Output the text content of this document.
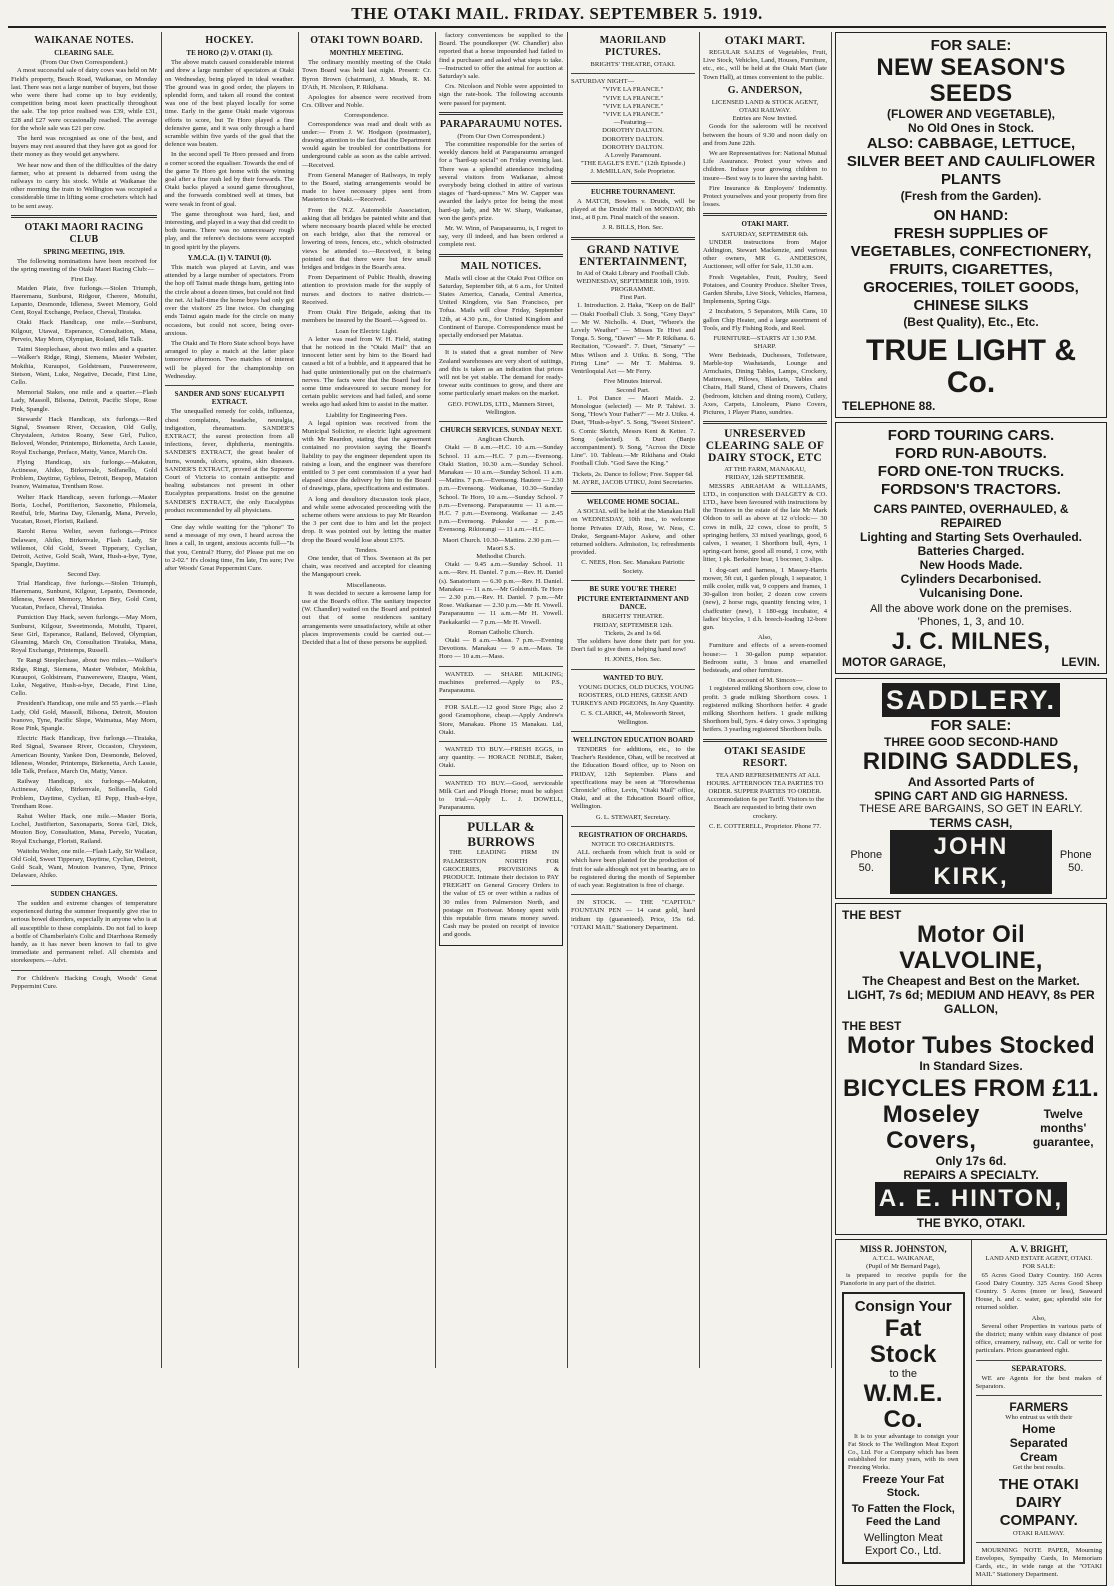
THE OTAKI MAIL. FRIDAY. SEPTEMBER 5. 1919.
WAIKANAE NOTES.
CLEARING SALE.
(From Our Own Correspondent.)

A most successful sale of dairy cows was held on Mr Field's property, Beach Road, Waikanae, on Monday last. There was not a large number of buyers, but those who were there had come up to buy evidently, competition being most keen practically throughout the sale. The top price realised was £39, while £31, £28 and £27 were occasionally reached. The average for the whole sale was £21 per cow.

The herd was recognised as one of the best, and buyers may rest assured that they have got as good for their money as they would get anywhere.

We hear now and then of the difficulties of the dairy farmer, who at present is debarred from using the railways to carry his stock. While at Waikanae the other morning the train to Wellington was occupied a considerable time in lifting some crocheters which had to be sent away.

OTAKI MAORI RACING CLUB
SPRING MEETING, 1919.

The following nominations have been received for the spring meeting of the Otaki Maori Racing Club:—

First Day.

Maiden Plate, five furlongs.—Stolen Triumph, Haeremanu, Sunburst, Ridgour, Cherere, Motuihi, Lepanto, Desmonde, Idleness, Sweet Memory, Gold Cent, Royal Exchange, Preface, Cheval, Tiraiaka.

Otaki Hack Handicap, one mile.—Sunburst, Kilgour, Utawai, Esperance, Consultation, Mana, Perveio, May Morn, Olympian, Roland, Idle Talk.

Taimi Steeplechase, about two miles and a quarter.—Walker's Ridge, Ringi, Siemens, Master Webster, Mokihia, Kuraupoi, Goldstream, Fuuwerewere, Stetson, Want, Luke, Negative, Decade, First Line, Cello.

Memorial Stakes, one mile and a quarter.—Flash Lady, Massoll, Bilsona, Detroit, Pacific Slope, Rose Pink, Spangle.

Stewards' Hack Handicap, six furlongs.—Red Signal, Swansee River, Occasion, Old Gully, Chrystaleen, Aristos Roany, Sese Girl, Fulico, Beloved, Wonder, Printempo, Birkenetta, Arch Lassie, Royal Exchange, Preface, Matty, Vance, March On.

Flying Handicap, six furlongs.—Makaton, Actinesse, Ahiko, Birkenvale, Solfanello, Gold Problem, Daytime, Gybless, Detroit, Bespop, Mataton Ivanov, Waimatua, Trentham Rose.

Welter Hack Handicap, seven furlongs.—Master Boris, Lochel, Portifierton, Saxonetto, Philomela, Restful, Irfe, Marina Day, Glenanlg, Mana, Pervelo, Yucatan, Roset, Floristi, Railand.

Rarohi Rerea Welter, seven furlongs.—Prince Delaware, Ahiko, Birkenvale, Flash Lady, Sir Willemot, Old Gold, Sweet Tipperary, Cyclian, Detroit, Active, Gold Scalt, Want, Hush-a-bye, Tyne, Spangle, Daytime.

Second Day.

Trial Handicap, five furlongs.—Stolen Triumph, Haeremanu, Sunburst, Kilgour, Lepanto, Desmonde, Idleness, Sweet Memory, Morton Bey, Gold Cent, Yucatan, Preface, Cheval, Tiraiaka.

Pumiction Day Hack, seven furlongs.—May Morn, Sunburst, Kilgour, Sweetmonda, Motuihi, Tiparei, Sese Girl, Esperance, Railand, Beloved, Olympian, Gleaming, March On, Consultation Tiraiaka, Mana, Royal Exchange, Printemps, Russell.

Te Rangi Steeplechase, about two miles.—Walker's Ridge, Ringi, Siemens, Master Webster, Mokihia, Kuraupoi, Goldstream, Fuuwerewere, Etaupu, Want, Luke, Negative, Hush-a-bye, Decade, First Line, Cello.

President's Handicap, one mile and 55 yards.—Flash Lady, Old Gold, Massoll, Bilsona, Detroit, Mouton Ivanovo, Tyne, Pacific Slope, Waimatua, May Morn, Rose Pink, Spangle.

Electric Hack Handicap, five furlongs.—Tiraiaka, Red Signal, Swansee River, Occasion, Chrysteen, American Bounty, Yankee Don, Desmonde, Beloved, Idleness, Wonder, Printemps, Birkenetta, Arch Lassie, Idle Talk, Preface, March On, Matty, Vance.

Railway Handicap, six furlongs.—Makaton, Actinesse, Ahiko, Birkenvale, Solfanella, Gold Problem, Daytime, Cyclian, El Pepp, Hush-a-bye, Trentham Rose.

Rahui Welter Hack, one mile.—Master Boris, Lochel, Justifierton, Saxonaparts, Sorea Girl, Dick, Mouton Boy, Consultation, Mana, Pervelo, Yucatan, Royal Exchange, Floristi, Railand.

Waitohu Welter, one mile.—Flash Lady, Sir Wallace, Old Gold, Sweet Tipperary, Daytime, Cyclian, Detroit, Gold Scalt, Want, Mouton Ivanovo, Tyne, Prince Delaware, Ahiko.

SUDDEN CHANGES.

The sudden and extreme changes of temperature experienced during the summer frequently give rise to serious bowel disorders, especially in anyone who is at all susceptible to these complaints. Do not fail to keep a bottle of Chamberlain's Colic and Diarrhoea Remedy handy, as it has never been known to fail to give immediate and permanent relief. All chemists and storekeepers.—Advt.

For Children's Hacking Cough, Woods' Great Peppermint Cure.

HOCKEY.
TE HORO (2) V. OTAKI (1).

The above match caused considerable interest and drew a large number of spectators at Otaki on Wednesday, being played in ideal weather. The ground was in good order, the players in splendid form, and taken all round the contest was one of the best played locally for some time. Early in the game Otaki made vigorous efforts to score, but Te Horo played a fine defensive game, and it was only through a hard scramble within five yards of the goal that the defence was beaten.

In the second spell Te Horo pressed and from a corner scored the equaliser. Towards the end of the game Te Horo got home with the winning goal after a fine rush led by their forwards. The Otaki backs played a sound game throughout, and the forwards combined well at times, but were weak in front of goal.

The game throughout was hard, fast, and interesting, and played in a way that did credit to both teams. There was no unnecessary rough play, and the referee's decisions were accepted in good spirit by the players.

Y.M.C.A. (1) V. TAINUI (0).

This match was played at Levin, and was attended by a large number of spectators. From the hop off Tainui made things hum, getting into the circle about a dozen times, but could not find the net. At half-time the home boys had only got over the visitors' 25 line twice. On changing ends Tainui again made for the circle on many occasions, but could not score, being over-anxious.

The Otaki and Te Horo State school boys have arranged to play a match at the latter place tomorrow afternoon. Two matches of interest will be played for the championship on Wednesday.

SANDER AND SONS' EUCALYPTI EXTRACT.

The unequalled remedy for colds, influenza, chest complaints, headache, neuralgia, indigestion, rheumatism. SANDER'S EXTRACT, the surest protection from all infections, fever, diphtheria, meningitis. SANDER'S EXTRACT, the great healer of burns, wounds, ulcers, sprains, skin diseases. SANDER'S EXTRACT, proved at the Supreme Court of Victoria to contain antiseptic and healing substances not present in other Eucalyptus preparations. Insist on the genuine SANDER'S EXTRACT, the only Eucalyptus product recommended by all physicians.

One day while waiting for the "phone" To send a message of my own, I heard across the lines a call, In urgent, anxious accents full—"Is that you, Central? Hurry, do! Please put me on to 2-02." It's closing time, I'm late, I'm sure; I've after Woods' Great Peppermint Cure.

OTAKI TOWN BOARD.
MONTHLY MEETING.

The ordinary monthly meeting of the Otaki Town Board was held last night. Present: Cr. Byron Brown (chairman), J. Meads, R. M. D'Ath, H. Nicolson, P. Rikihana.

Apologies for absence were received from Crs. Olliver and Noble.

Correspondence.

Correspondence was read and dealt with as under:— From J. W. Hodgson (postmaster), drawing attention to the fact that the Department would again be troubled for contributions for underground cable as soon as the cable arrived.—Received.

From General Manager of Railways, in reply to the Board, stating arrangements would be made to have necessary pipes sent from Masterton to Otaki.—Received.

From the N.Z. Automobile Association, asking that all bridges be painted white and that where necessary boards placed while be erected on each bridge, also that the removal or lowering of trees, fences, etc., which obstructed views be attended to.—Received, it being pointed out that there were but few small bridges and bridges in the Board's area.

From Department of Public Health, drawing attention to provision made for the supply of nurses and doctors to native districts.—Received.

From Otaki Fire Brigade, asking that its members be insured by the Board.—Agreed to.

Loan for Electric Light.

A letter was read from W. H. Field, stating that he noticed in the "Otaki Mail" that an innocent letter sent by him to the Board had caused a bit of a bubble, and it appeared that he had quite unintentionally put on the chairman's nerves. The facts were that the Board had for some time endeavoured to secure money for certain public services and had failed, and some weeks ago had asked him to assist in the matter.

Liability for Engineering Fees.

A legal opinion was received from the Municipal Solicitor, re electric light agreement with Mr Reardon, stating that the agreement contained no provision saying the Board's liability to pay the engineer dependent upon its raising a loan, and the engineer was therefore entitled to 3 per cent commission if a year had elapsed since the delivery by him to the Board of drawings, plans, specifications and estimates.

A long and desultory discussion took place, and while some advocated proceeding with the scheme others were anxious to pay Mr Reardon the 3 per cent due to him and let the project drop. It was pointed out by letting the matter drop the Board would lose about £375.

Tenders.

One tender, that of Thos. Swenson at 8s per chain, was received and accepted for cleaning the Mangapouri creek.

Miscellaneous.

It was decided to secure a kerosene lamp for use at the Board's office. The sanitary inspector (W. Chandler) waited on the Board and pointed out that of some residences sanitary arrangements were unsatisfactory, while at other places improvements could be carried out.—Decided that a list of these persons be supplied.

factory conveniences be supplied to the Board. The poundkeeper (W. Chandler) also reported that a horse impounded had failed to find a purchaser and asked what steps to take.—Instructed to offer the animal for auction at Saturday's sale.

Crs. Nicolson and Noble were appointed to sign the rate-book. The following accounts were passed for payment.

PARAPARAUMU NOTES.
(From Our Own Correspondent.)

The committee responsible for the series of weekly dances held at Paraparaumu arranged for a "hard-up social" on Friday evening last. There was a splendid attendance including several visitors from Waikanae, almost everybody being clothed in attire of various stages of "hard-upness." Mrs W. Capper was awarded the lady's prize for being the most hard-up lady, and Mr W. Sharp, Waikanae, won the gent's prize.

Mr. W. Winn, of Paraparaumu, is, I regret to say, very ill indeed, and has been ordered a complete rest.

MAIL NOTICES.

Mails will close at the Otaki Post Office on Saturday, September 6th, at 6 a.m., for United States America, Canada, Central America, United Kingdom, via San Francisco, per Tofua. Mails will close Friday, September 12th, at 4.30 p.m., for United Kingdom and Continent of Europe. Correspondence must be specially endorsed per Matatua.

It is stated that a great number of New Zealand warehouses are very short of suitings, and this is taken as an indication that prices will not be yet stable. The demand for ready-towear suits continues to grow, and there are some particularly smart makes on the market.

GEO. FOWLDS, LTD., Manners Street, Wellington.
CHURCH SERVICES. SUNDAY NEXT.
Anglican Church.

Otaki — 8 a.m.—H.C. 10 a.m.—Sunday School. 11 a.m.—H.C. 7 p.m.—Evensong. Otaki Station, 10.30 a.m.—Sunday School. Manakau — 10 a.m.—Sunday School. 11 a.m.—Matins. 7 p.m.—Evensong. Hautere — 2.30 p.m.—Evensong. Waikanae, 10.30—Sunday School. Te Horo, 10 a.m.—Sunday School. 7 p.m.—Evensong. Paraparaumu — 11 a.m.—H.C. 7 p.m.—Evensong. Waikanae — 2.45 p.m.—Evensong. Pukeake — 2 p.m.—Evensong. Rikiorangi — 11 a.m.—H.C.

Maori Church. 10.30—Mattins. 2.30 p.m.—Maori S.S.
Methodist Church.

Otaki — 9.45 a.m.—Sunday School. 11 a.m.—Rev. H. Daniel. 7 p.m.—Rev. H. Daniel (s). Sanatorium — 6.30 p.m.—Rev. H. Daniel. Manakau — 11 a.m.—Mr Goldsmith. Te Horo — 2.30 p.m.—Rev. H. Daniel. 7 p.m.—Mr Rose. Waikanae — 2.30 p.m.—Mr H. Vowell. Paraparaumu — 11 a.m.—Mr H. Vowell. Paekakariki — 7 p.m.—Mr H. Vowell.

Roman Catholic Church.

Otaki — 8 a.m.—Mass. 7 p.m.—Evening Devotions. Manakau — 9 a.m.—Mass. Te Horo — 10 a.m.—Mass.

WANTED. — SHARE MILKING; machines preferred.—Apply to P.S., Paraparaumu.

FOR SALE.—12 good Store Pigs; also 2 good Gramophone, cheap.—Apply Andrew's Store, Manakau. Phone 15 Manakau. Ltd, Otaki.

WANTED TO BUY.—FRESH EGGS, in any quantity. — HORACE NOBLE, Baker, Otaki.

WANTED TO BUY.—Good, serviceable Milk Cart and Plough Horse; must be subject to trial.—Apply L. J. DOWELL, Paraparaumu.

PULLAR & BURROWS

THE LEADING FIRM IN PALMERSTON NORTH FOR GROCERIES, PROVISIONS & PRODUCE. Intimate their decision to PAY FREIGHT on General Grocery Orders to the value of £5 or over within a radius of 30 miles from Palmerston North, and postage on Footwear. Money spent with this reputable firm means money saved. Cash may be posted on receipt of invoice and goods.

MAORILAND PICTURES.
BRIGHTS' THEATRE, OTAKI.
SATURDAY NIGHT—
"VIVE LA FRANCE."
"VIVE LA FRANCE."
"VIVE LA FRANCE."
"VIVE LA FRANCE."
—Featuring—
DOROTHY DALTON.
DOROTHY DALTON.
DOROTHY DALTON.
A Lovely Paramount.
"THE EAGLE'S EYE." (12th Episode.)
J. McMILLAN, Sole Proprietor.
EUCHRE TOURNAMENT.

A MATCH, Bowlers v. Druids, will be played at the Druids' Hall on MONDAY, 8th inst., at 8 p.m. Final match of the season.

J. R. BILLS, Hon. Sec.
GRAND NATIVE ENTERTAINMENT,
In Aid of Otaki Library and Football Club.
WEDNESDAY, SEPTEMBER 10th, 1919.
PROGRAMME.
First Part.

1. Introduction. 2. Haka, "Keep on de Ball" — Otaki Football Club. 3. Song, "Grey Days" — Mr W. Nicholls. 4. Duet, "Where's the Lovely Weather" — Misses Te Hiwi and Tonga. 5. Song, "Dawn" — Mr P. Rikihana. 6. Recitation, "Coward". 7. Duet, "Smarty" — Miss Wilson and J. Utiku. 8. Song, "The Firing Line" — Mr T. Mahima. 9. Ventriloquial Act — Mr Ferry.

Five Minutes Interval.
Second Part.

1. Poi Dance — Maori Maids. 2. Monologue (selected) — Mr P. Tahiwi. 3. Song, "How's Your Father?" — Mr J. Utiku. 4. Duet, "Hush-a-bye". 5. Song, "Sweet Sixteen". 6. Comic Sketch, Messrs Kent & Ketter. 7. Song (selected). 8. Duet (Banjo accompaniment). 9. Song, "Across the Dixie Line". 10. Tableau.—Mr Rikihana and Otaki Football Club. "God Save the King."

Tickets, 2s. Dance to follow; Free. Supper 6d.
M. AYRE, JACOB UTIKU, Joint Secretaries.
WELCOME HOME SOCIAL.

A SOCIAL will be held at the Manakau Hall on WEDNESDAY, 10th inst., to welcome home Privates D'Ath, Rose, W. Ness, C. Drake, Sergeant-Major Askew, and other returned soldiers. Admission, 1s; refreshments provided.

C. NEES, Hon. Sec. Manakau Patriotic Society.
BE SURE YOU'RE THERE!
PICTURE ENTERTAINMENT AND DANCE.
BRIGHTS' THEATRE.
FRIDAY, SEPTEMBER 12th.
Tickets, 2s and 1s 6d.

The soldiers have done their part for you. Don't fail to give them a helping hand now!

H. JONES, Hon. Sec.
WANTED TO BUY.

YOUNG DUCKS, OLD DUCKS, YOUNG ROOSTERS, OLD HENS, GEESE AND TURKEYS AND PIGEONS, In Any Quantity.

C. S. CLARKE, 44, Molesworth Street, Wellington.
WELLINGTON EDUCATION BOARD

TENDERS for additions, etc., to the Teacher's Residence, Ohau, will be received at the Education Board office, up to Noon on FRIDAY, 12th September. Plans and specifications may be seen at "Horowhenua Chronicle" office, Levin, "Otaki Mail" office, Otaki, and at the Education Board office, Wellington.

G. L. STEWART, Secretary.
REGISTRATION OF ORCHARDS.
NOTICE TO ORCHARDISTS.

ALL orchards from which fruit is sold or which have been planted for the production of fruit for sale although not yet in bearing, are to be registered during the month of September of each year. Registration is free of charge.

IN STOCK. — THE "CAPITOL" FOUNTAIN PEN — 14 carat gold, hard iridium tip (guaranteed). Price, 15s 6d. "OTAKI MAIL" Stationery Department.

OTAKI MART.

REGULAR SALES of Vegetables, Fruit, Live Stock, Vehicles, Land, Houses, Furniture, etc., etc., will be held at the Otaki Mart (late Town Hall), at times convenient to the public.

G. ANDERSON,
LICENSED LAND & STOCK AGENT, OTAKI RAILWAY.
Entries are Now Invited.

Goods for the saleroom will be received between the hours of 9.30 and noon daily on and from June 22th.

We are Representatives for: National Mutual Life Assurance. Protect your wives and children. Induce your growing children to insure—Best way is to leave the saving habit.

Fire Insurance & Employers' Indemnity. Protect yourselves and your property from fire losses.

OTAKI MART.
SATURDAY, SEPTEMBER 6th.

UNDER instructions from Major Addington, Stewart Mackenzie, and various other owners, MR G. ANDERSON, Auctioneer, will offer for Sale, 11.30 a.m.

Fresh Vegetables, Fruit, Poultry, Seed Potatoes, and Country Produce. Shelter Trees, Garden Shrubs, Live Stock, Vehicles, Harness, Implements, Spring Gigs.

2 Incubators, 5 Separators, Milk Cans, 10 gallon Chip Heater, and a large assortment of Tools, and Fly Fishing Rods, and Reel.

FURNITURE—STARTS AT 1.30 P.M. SHARP.

Were Bedsteads, Duchesses, Toiletware, Marble-top Washstands, Lounge and Armchairs, Dining Tables, Lamps, Crockery, Mattresses, Pillows, Blankets, Tables and Chairs, Hall Stand, Chest of Drawers, Chairs (bedroom, kitchen and dining room), Cutlery, Axes, Carpets, Linoleum, Piano Covers, Pictures, 1 Player Piano, sundries.

UNRESERVED CLEARING SALE OF DAIRY STOCK, ETC
AT THE FARM, MANAKAU,
FRIDAY, 12th SEPTEMBER.

MESSRS ABRAHAM & WILLIAMS, LTD., in conjunction with DALGETY & CO. LTD., have been favoured with instructions by the Trustees in the estate of the late Mr Mark Oldson to sell as above at 12 o'clock:— 30 cows in milk, 22 cows, close to profit, 5 springing heifers, 33 mixed yearlings, good, 6 calves, 1 weaner, 1 Shorthorn bull, 4yrs, 1 spring-cart horse, good all round, 1 cow, with litter, 1 pk. Berkshire boar, 1 boconer, 3 slips.

1 dog-cart and harness, 1 Massey-Harris mower, 5ft cut, 1 garden plough, 1 separator, 1 milk cooler, milk vat, 9 coppers and frames, 1 30-gallon iron boiler, 2 dozen cow covers (new), 2 horse rugs, quantity fencing wire, 1 chaffcutter (new), 1 180-egg incubator, 4 ladies' bicycles, 1 d.h. breech-loading 12-bore gun.

Also,

Furniture and effects of a seven-roomed house:— 1 30-gallon pump separator. Bedroom suite, 3 brass and enamelled bedsteads, and other furniture.

On account of M. Simcox—

1 registered milking Shorthorn cow, close to profit. 3 grade milking Shorthorn cows. 1 registered milking Shorthorn heifer. 4 grade milking Shorthorn heifers. 1 grade milking Shorthorn bull, 5yrs. 4 dairy cows. 3 springing heifers. 3 yearling registered Shorthorn bulls.

OTAKI SEASIDE RESORT.

TEA AND REFRESHMENTS AT ALL HOURS. AFTERNOON TEA PARTIES TO ORDER. SUPPER PARTIES TO ORDER. Accommodation 6s per Tariff. Visitors to the Beach are requested to bring their own crockery.

C. E. COTTERELL, Proprietor. Phone 77.
FOR SALE:
NEW SEASON'S SEEDS
(FLOWER AND VEGETABLE),
No Old Ones in Stock.
ALSO: CABBAGE, LETTUCE, SILVER BEET AND CAULIFLOWER PLANTS
(Fresh from the Garden).
ON HAND:
FRESH SUPPLIES OF VEGETABLES, CONFECTIONERY, FRUITS, CIGARETTES, GROCERIES, TOILET GOODS, CHINESE SILKS
(Best Quality), Etc., Etc.
TRUE LIGHT & Co.
TELEPHONE 88.
FORD TOURING CARS.
FORD RUN-ABOUTS.
FORD ONE-TON TRUCKS.
FORDSON'S TRACTORS.
CARS PAINTED, OVERHAULED, & REPAIRED
Lighting and Starting Sets Overhauled.
Batteries Charged.
New Hoods Made.
Cylinders Decarbonised.
Vulcanising Done.
All the above work done on the premises.
'Phones, 1, 3, and 10.
J. C. MILNES,
MOTOR GARAGE,	LEVIN.
SADDLERY.
FOR SALE:
THREE GOOD SECOND-HAND
RIDING SADDLES,
And Assorted Parts of
SPING CART AND GIG HARNESS.
THESE ARE BARGAINS, SO GET IN EARLY.
TERMS CASH,
Phone 50.
JOHN KIRK,
Phone 50.
THE BEST
Motor Oil VALVOLINE,
The Cheapest and Best on the Market.
LIGHT, 7s 6d; MEDIUM AND HEAVY, 8s PER GALLON,
THE BEST
Motor Tubes Stocked
In Standard Sizes.
BICYCLES FROM £11.
Moseley Covers,
Twelve months' guarantee,
Only 17s 6d.
REPAIRS A SPECIALTY.
A. E. HINTON,
THE BYKO, OTAKI.
MISS R. JOHNSTON,
A.T.C.L. WAIKANAE,
(Pupil of Mr Bernard Page),

is prepared to receive pupils for the Pianoforte in any part of the district.

Consign Your
Fat Stock
to the
W.M.E. Co.

It is to your advantage to consign your Fat Stock to The Wellington Meat Export Co., Ltd. For a Company which has been established for many years, with its own Freezing Works.

Freeze Your Fat Stock.
To Fatten the Flock, Feed the Land
Wellington Meat Export Co., Ltd.
A. V. BRIGHT,
LAND AND ESTATE AGENT, OTAKI.
FOR SALE:

65 Acres Good Dairy Country. 160 Acres Good Dairy Country. 325 Acres Good Sheep Country. 5 Acres (more or less), Seaward House, h. and c. water, gas; splendid site for returned soldier.

Also,

Several other Properties in various parts of the district; many within easy distance of post office, creamery, railway, etc. Call or write for particulars. Prices guaranteed right.

SEPARATORS.

WE are Agents for the best makes of Separators.

FARMERS
Who entrust us with their
Home
Separated
Cream
Get the best results.
THE OTAKI DAIRY COMPANY.
OTAKI RAILWAY.

MOURNING NOTE PAPER, Mourning Envelopes, Sympathy Cards, In Memoriam Cards, etc., in wide range at the "OTAKI MAIL" Stationery Department.
